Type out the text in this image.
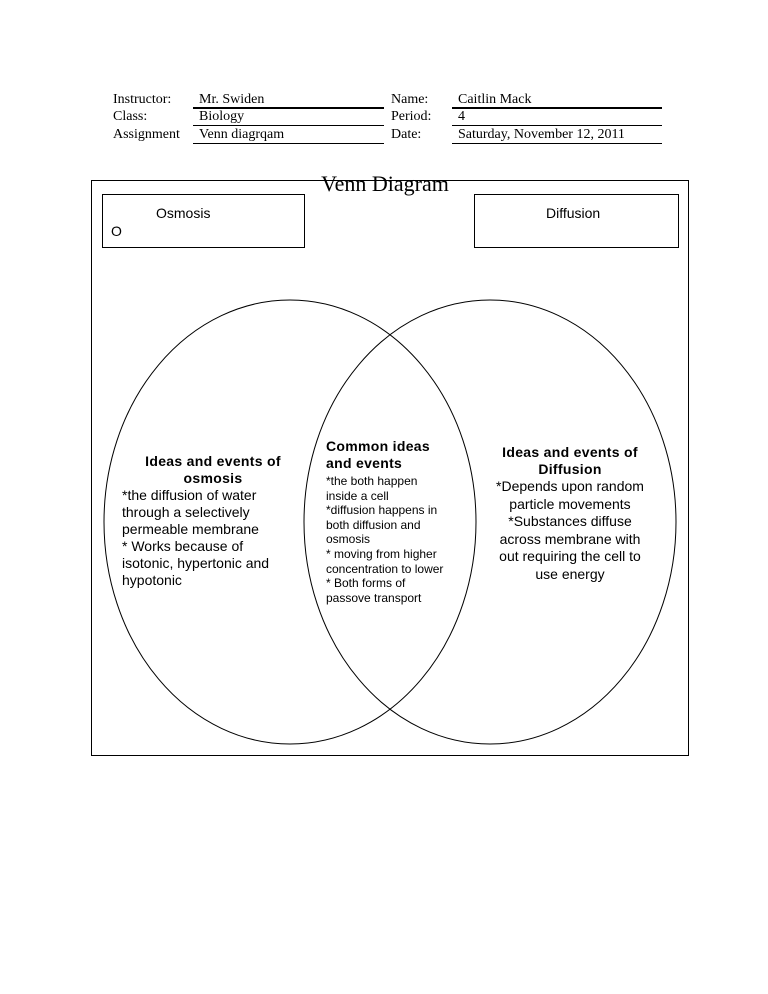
Instructor:	Mr. Swiden
Class:	Biology
Assignment	Venn diagrqam
Name:	Caitlin Mack
Period:	4
Date:	Saturday, November 12, 2011
Venn Diagram
Osmosis
O
Diffusion
Ideas and events of
osmosis
*the diffusion of water
through a selectively
permeable membrane
* Works because of
isotonic, hypertonic and
hypotonic
Common ideas
and events
*the both happen
inside a cell
*diffusion happens in
both diffusion and
osmosis
* moving from higher
concentration to lower
* Both forms of
passove transport
Ideas and events of
Diffusion
*Depends upon random
particle movements
*Substances diffuse
across membrane with
out requiring the cell to
use energy
